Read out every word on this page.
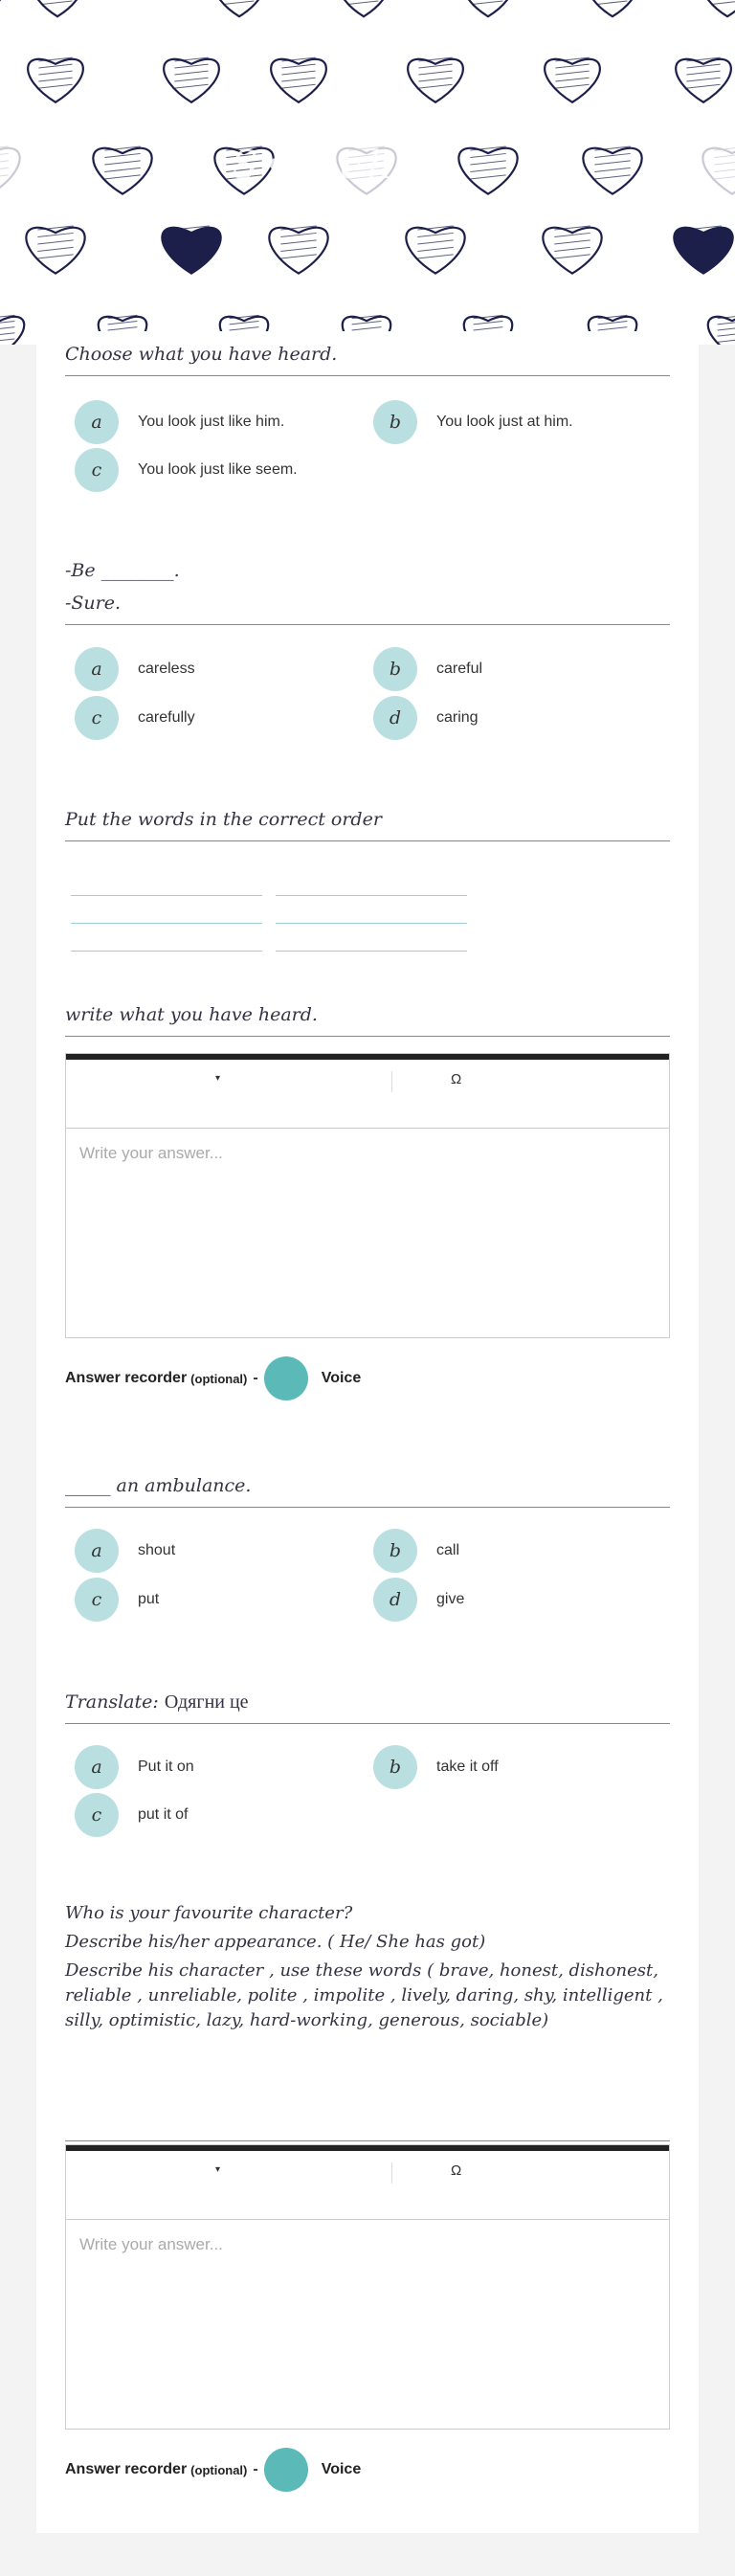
S• hchan
Choose what you have heard.
a	You look just like him.	b	You look just at him.
c	You look just like seem.
-Be ________.
-Sure.
a	careless	b	careful
c	carefully	d	caring
Put the words in the correct order
write what you have heard.
▾	Ω
Write your answer...
Answer recorder (optional) -	Voice
_____ an ambulance.
a	shout	b	call
c	put	d	give
Translate: Одягни це
a	Put it on	b	take it off
c	put it of
Who is your favourite character?
Describe his/her appearance. ( He/ She has got)
Describe his character , use these words ( brave, honest, dishonest, reliable , unreliable, polite , impolite , lively, daring, shy, intelligent , silly, optimistic, lazy, hard-working, generous, sociable)
▾	Ω
Write your answer...
Answer recorder (optional) -	Voice
